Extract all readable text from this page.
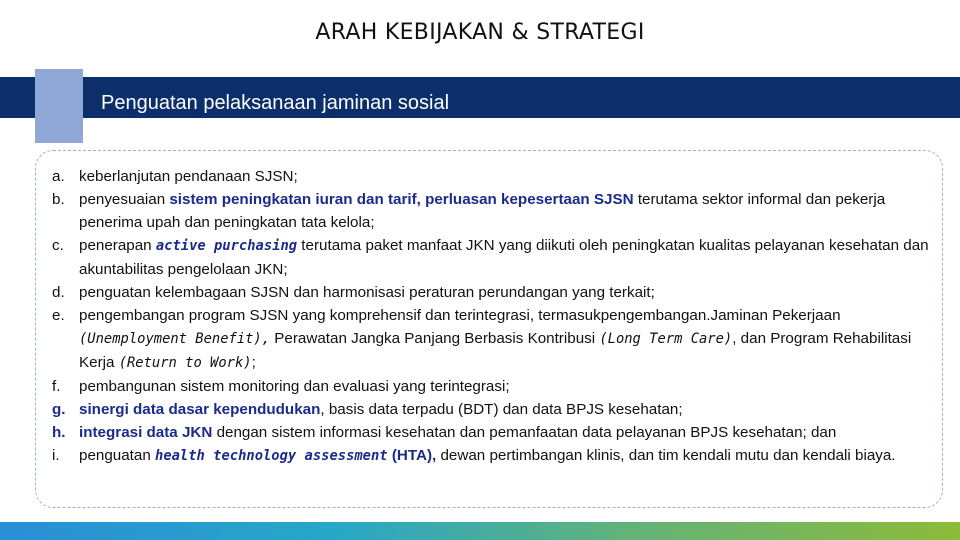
ARAH KEBIJAKAN & STRATEGI
Penguatan pelaksanaan jaminan sosial
a. keberlanjutan pendanaan SJSN;
b. penyesuaian sistem peningkatan iuran dan tarif, perluasan kepesertaan SJSN terutama sektor informal dan pekerja penerima upah dan peningkatan tata kelola;
c. penerapan active purchasing terutama paket manfaat JKN yang diikuti oleh peningkatan kualitas pelayanan kesehatan dan akuntabilitas pengelolaan JKN;
d. penguatan kelembagaan SJSN dan harmonisasi peraturan perundangan yang terkait;
e. pengembangan program SJSN yang komprehensif dan terintegrasi, termasukpengembangan.Jaminan Pekerjaan (Unemployment Benefit), Perawatan Jangka Panjang Berbasis Kontribusi (Long Term Care), dan Program Rehabilitasi Kerja (Return to Work);
f.	pembangunan sistem monitoring dan evaluasi yang terintegrasi;
g. sinergi data dasar kependudukan, basis data terpadu (BDT) dan data BPJS kesehatan;
h. integrasi data JKN dengan sistem informasi kesehatan dan pemanfaatan data pelayanan BPJS kesehatan; dan
i.	penguatan health technology assessment (HTA), dewan pertimbangan klinis, dan tim kendali mutu dan kendali biaya.
